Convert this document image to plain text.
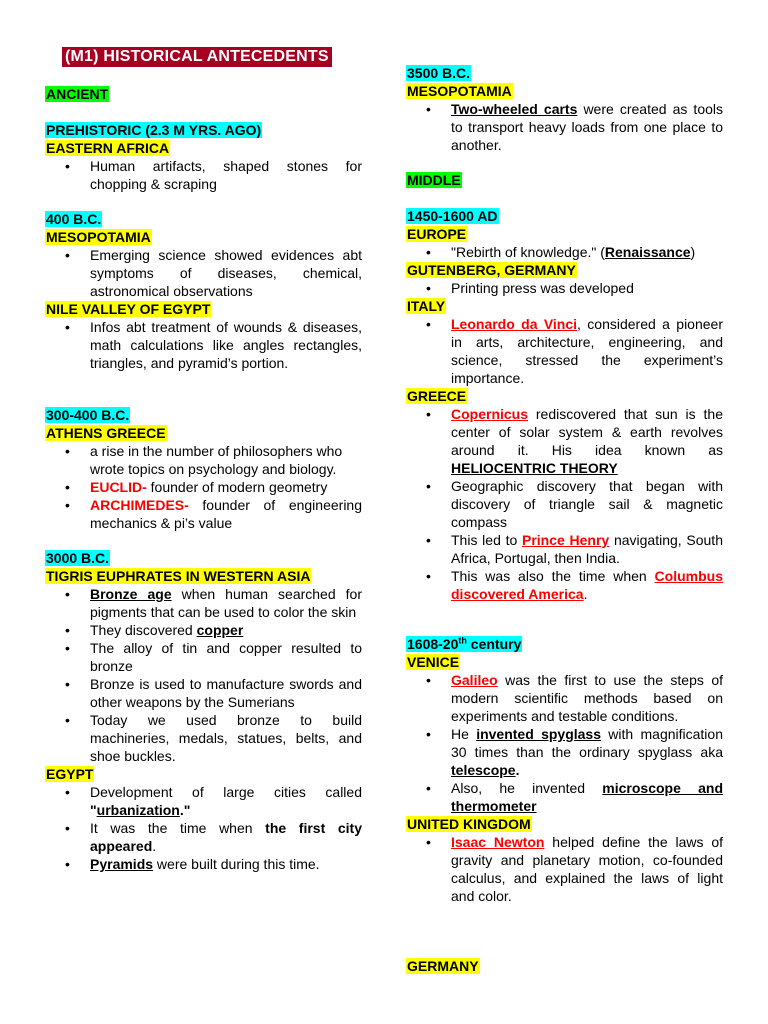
(M1) HISTORICAL ANTECEDENTS
ANCIENT
PREHISTORIC (2.3 M YRS. AGO)
EASTERN AFRICA
• Human artifacts, shaped stones for chopping & scraping
400 B.C.
MESOPOTAMIA
• Emerging science showed evidences abt symptoms of diseases, chemical, astronomical observations
NILE VALLEY OF EGYPT
• Infos abt treatment of wounds & diseases, math calculations like angles rectangles, triangles, and pyramid’s portion.
300-400 B.C.
ATHENS GREECE
• a rise in the number of philosophers who wrote topics on psychology and biology.
• EUCLID- founder of modern geometry
• ARCHIMEDES- founder of engineering mechanics & pi’s value
3000 B.C.
TIGRIS EUPHRATES IN WESTERN ASIA
• Bronze age when human searched for pigments that can be used to color the skin
• They discovered copper
• The alloy of tin and copper resulted to bronze
• Bronze is used to manufacture swords and other weapons by the Sumerians
• Today we used bronze to build machineries, medals, statues, belts, and shoe buckles.
EGYPT
• Development of large cities called "urbanization."
• It was the time when the first city appeared.
• Pyramids were built during this time.
3500 B.C.
MESOPOTAMIA
• Two-wheeled carts were created as tools to transport heavy loads from one place to another.
MIDDLE
1450-1600 AD
EUROPE
• "Rebirth of knowledge." (Renaissance)
GUTENBERG, GERMANY
• Printing press was developed
ITALY
• Leonardo da Vinci, considered a pioneer in arts, architecture, engineering, and science, stressed the experiment’s importance.
GREECE
• Copernicus rediscovered that sun is the center of solar system & earth revolves around it. His idea known as HELIOCENTRIC THEORY
• Geographic discovery that began with discovery of triangle sail & magnetic compass
• This led to Prince Henry navigating, South Africa, Portugal, then India.
• This was also the time when Columbus discovered America.
1608-20th century
VENICE
• Galileo was the first to use the steps of modern scientific methods based on experiments and testable conditions.
• He invented spyglass with magnification 30 times than the ordinary spyglass aka telescope.
• Also, he invented microscope and thermometer
UNITED KINGDOM
• Isaac Newton helped define the laws of gravity and planetary motion, co-founded calculus, and explained the laws of light and color.
GERMANY
